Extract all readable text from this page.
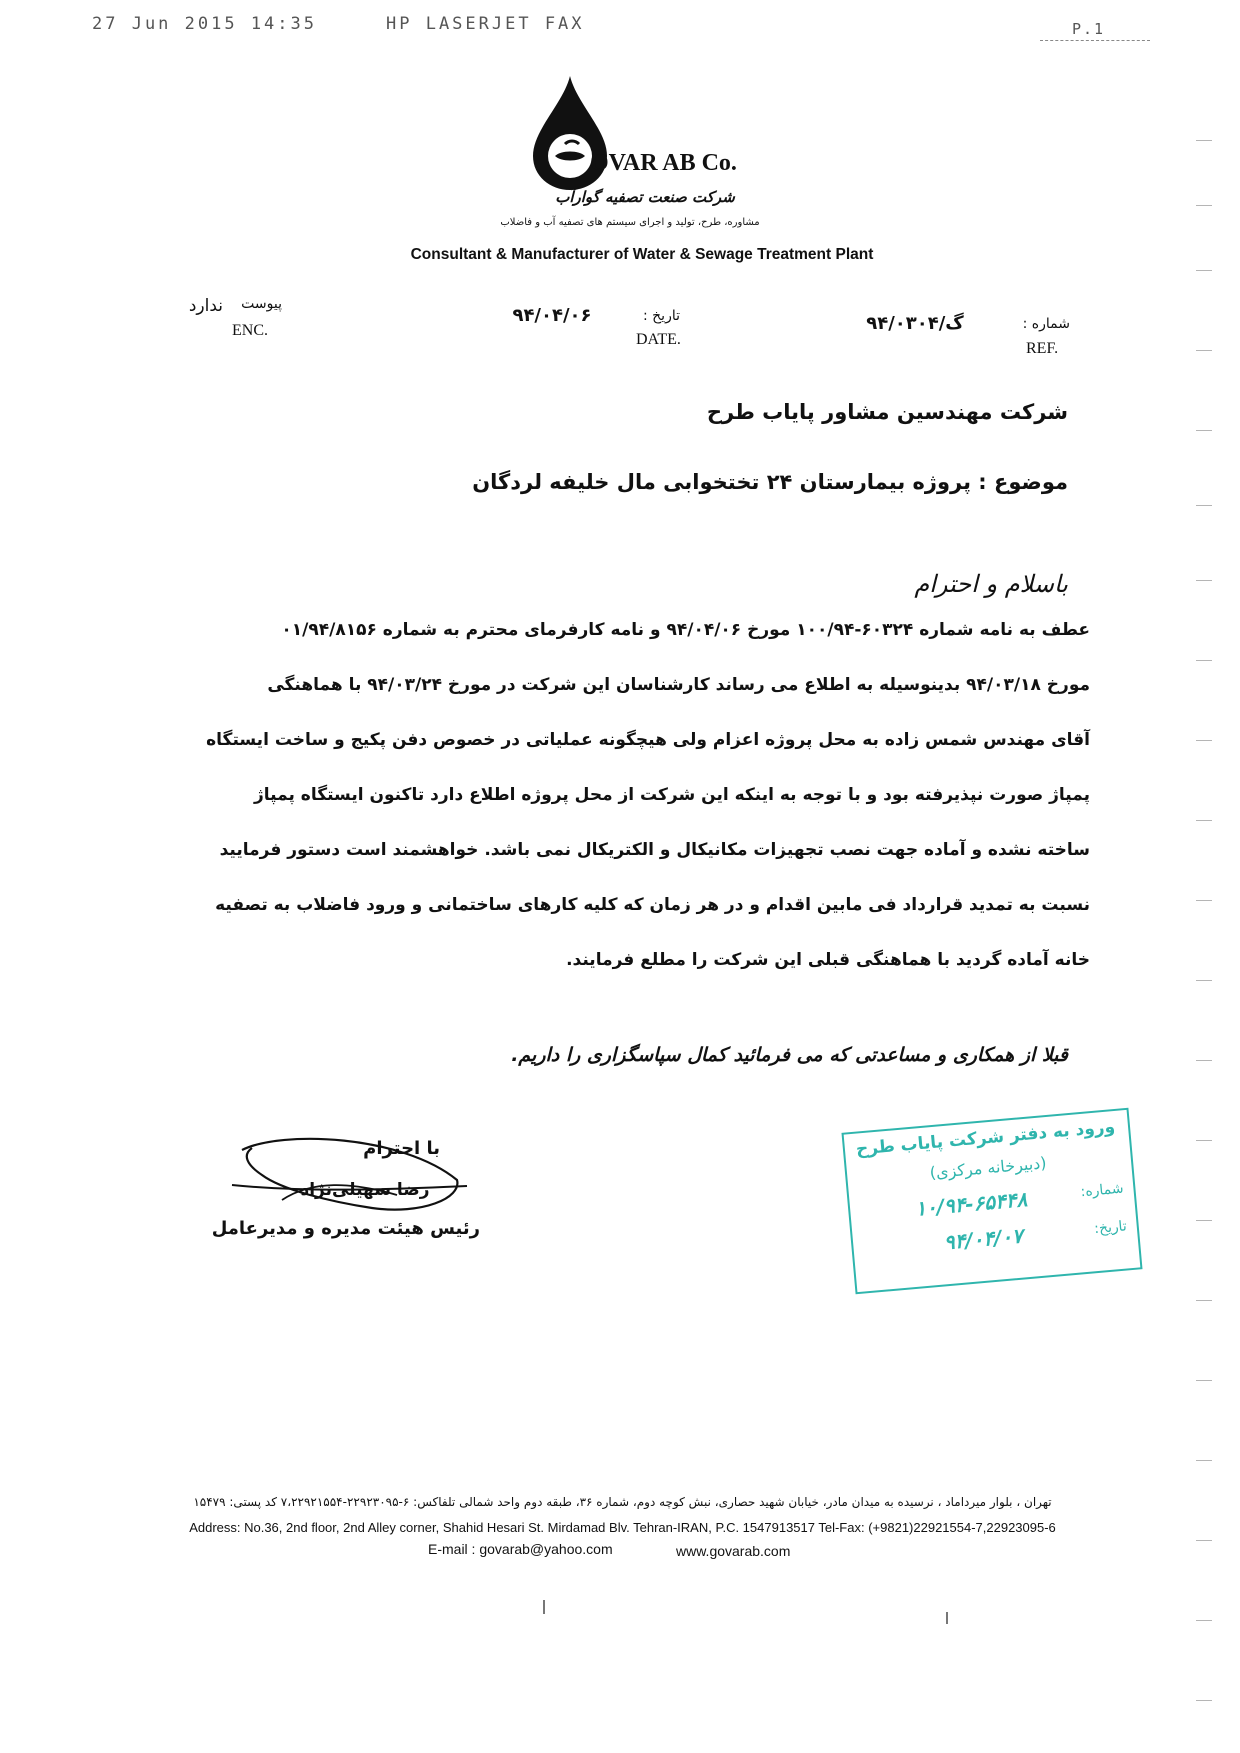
27 Jun 2015 14:35	HP LASERJET FAX	P.1
OVAR AB Co.
شرکت صنعت تصفیه گوارآب
مشاوره، طرح، تولید و اجرای سیستم های تصفیه آب و فاضلاب
Consultant & Manufacturer of Water & Sewage Treatment Plant
پیوست
ندارد
ENC.
۹۴/۰۴/۰۶	تاریخ :
DATE.
گ/۹۴/۰۳۰۴	شماره :
REF.
شرکت مهندسین مشاور پایاب طرح
موضوع : پروژه بیمارستان ۲۴ تختخوابی مال خلیفه لردگان
باسلام و احترام
عطف به نامه شماره ۶۰۳۲۴-۱۰۰/۹۴ مورخ ۹۴/۰۴/۰۶ و نامه کارفرمای محترم به شماره ۰۱/۹۴/۸۱۵۶
مورخ ۹۴/۰۳/۱۸ بدینوسیله به اطلاع می رساند کارشناسان این شرکت در مورخ ۹۴/۰۳/۲۴ با هماهنگی
آقای مهندس شمس زاده به محل پروژه اعزام ولی هیچگونه عملیاتی در خصوص دفن پکیج و ساخت ایستگاه
پمپاژ صورت نپذیرفته بود و با توجه به اینکه این شرکت از محل پروژه اطلاع دارد تاکنون ایستگاه پمپاژ
ساخته نشده و آماده جهت نصب تجهیزات مکانیکال و الکتریکال نمی باشد. خواهشمند است دستور فرمایید
نسبت به تمدید قرارداد فی مابین اقدام و در هر زمان که کلیه کارهای ساختمانی و ورود فاضلاب به تصفیه
خانه آماده گردید با هماهنگی قبلی این شرکت را مطلع فرمایند.
قبلا از همکاری و مساعدتی که می فرمائید کمال سپاسگزاری را داریم.
با احترام
رضا سهیلی‌نژاد
رئیس هیئت مدیره و مدیرعامل
ورود به دفتر شرکت پایاب طرح
(دبیرخانه مرکزی)
شماره:
۱۰/۹۴-۶۵۴۴۸
تاریخ:
۹۴/۰۴/۰۷
تهران ، بلوار میرداماد ، نرسیده به میدان مادر، خیابان شهید حصاری، نبش کوچه دوم، شماره ۳۶، طبقه دوم واحد شمالی تلفاکس: ۶-۲۲۹۲۳۰۹۵-۷،۲۲۹۲۱۵۵۴ کد پستی: ۱۵۴۷۹
Address: No.36, 2nd floor, 2nd Alley corner, Shahid Hesari St. Mirdamad Blv. Tehran-IRAN, P.C. 1547913517 Tel-Fax: (+9821)22921554-7,22923095-6
E-mail : govarab@yahoo.com	www.govarab.com
